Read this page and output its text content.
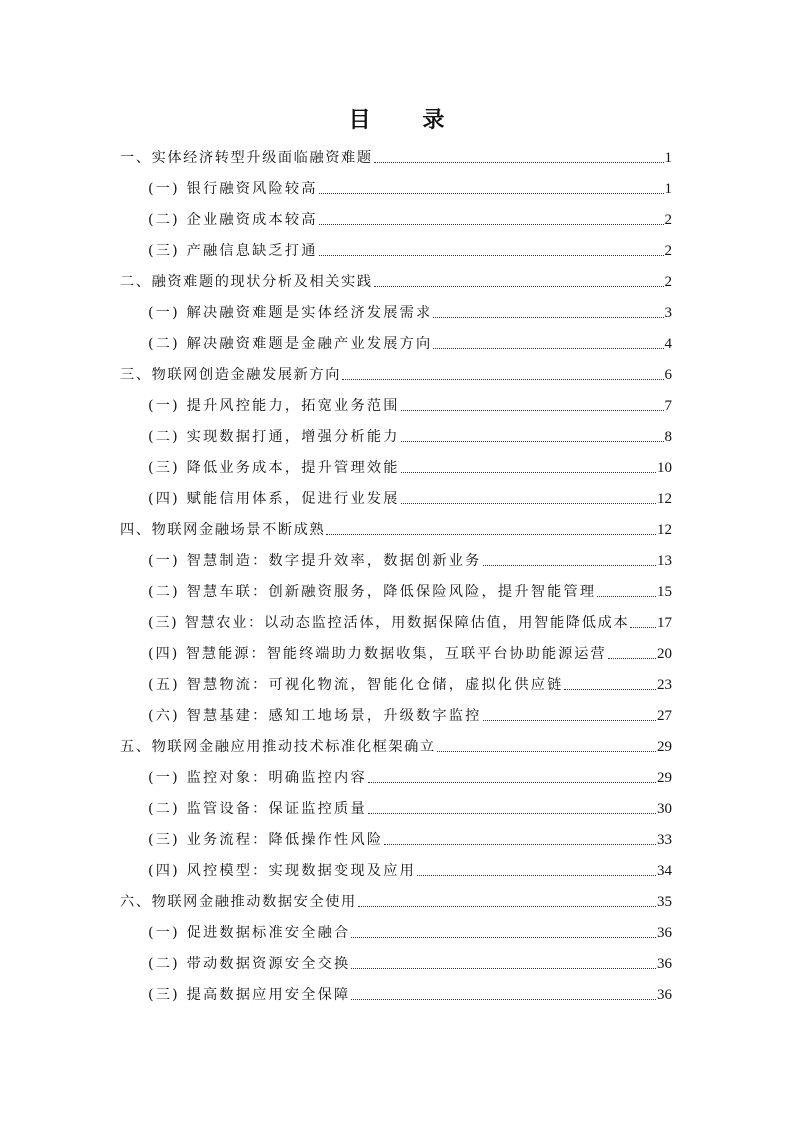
目 录
一、实体经济转型升级面临融资难题	1
(一) 银行融资风险较高	1
(二) 企业融资成本较高	2
(三) 产融信息缺乏打通	2
二、融资难题的现状分析及相关实践	2
(一) 解决融资难题是实体经济发展需求	3
(二) 解决融资难题是金融产业发展方向	4
三、物联网创造金融发展新方向	6
(一) 提升风控能力，拓宽业务范围	7
(二) 实现数据打通，增强分析能力	8
(三) 降低业务成本，提升管理效能	10
(四) 赋能信用体系，促进行业发展	12
四、物联网金融场景不断成熟	12
(一) 智慧制造：数字提升效率，数据创新业务	13
(二) 智慧车联：创新融资服务，降低保险风险，提升智能管理	15
(三) 智慧农业：以动态监控活体，用数据保障估值，用智能降低成本 17
(四) 智慧能源：智能终端助力数据收集，互联平台协助能源运营	20
(五) 智慧物流：可视化物流，智能化仓储，虚拟化供应链	23
(六) 智慧基建：感知工地场景，升级数字监控	27
五、物联网金融应用推动技术标准化框架确立	29
(一) 监控对象：明确监控内容	29
(二) 监管设备：保证监控质量	30
(三) 业务流程：降低操作性风险	33
(四) 风控模型：实现数据变现及应用	34
六、物联网金融推动数据安全使用	35
(一) 促进数据标准安全融合	36
(二) 带动数据资源安全交换	36
(三) 提高数据应用安全保障	36
